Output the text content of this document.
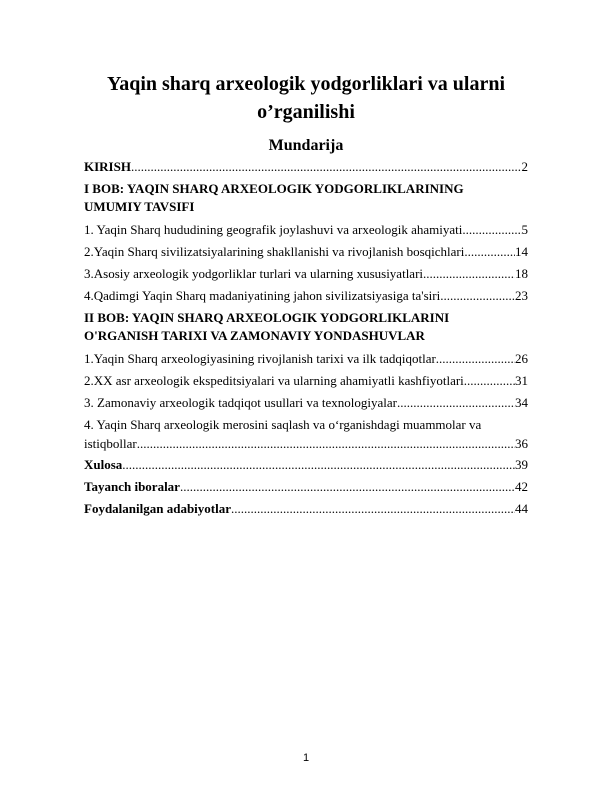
Yaqin sharq arxeologik yodgorliklari va ularni
o’rganilishi
Mundarija
KIRISH .....	2
I BOB: YAQIN SHARQ ARXEOLOGIK YODGORLIKLARINING
UMUMIY TAVSIFI
1. Yaqin Sharq hududining geografik joylashuvi va arxeologik ahamiyati .....	5
2.Yaqin Sharq sivilizatsiyalarining shakllanishi va rivojlanish bosqichlari .....	14
3.Asosiy arxeologik yodgorliklar turlari va ularning xususiyatlari .....	18
4.Qadimgi Yaqin Sharq madaniyatining jahon sivilizatsiyasiga ta'siri .....	23
II BOB: YAQIN SHARQ ARXEOLOGIK YODGORLIKLARINI
O'RGANISH TARIXI VA ZAMONAVIY YONDASHUVLAR
1.Yaqin Sharq arxeologiyasining rivojlanish tarixi va ilk tadqiqotlar .....	26
2.XX asr arxeologik ekspeditsiyalari va ularning ahamiyatli kashfiyotlari .....	31
3. Zamonaviy arxeologik tadqiqot usullari va texnologiyalar .....	34
4. Yaqin Sharq arxeologik merosini saqlash va o‘rganishdagi muammolar va
istiqbollar .....	36
Xulosa .....	39
Tayanch iboralar .....	42
Foydalanilgan adabiyotlar .....	44
1
